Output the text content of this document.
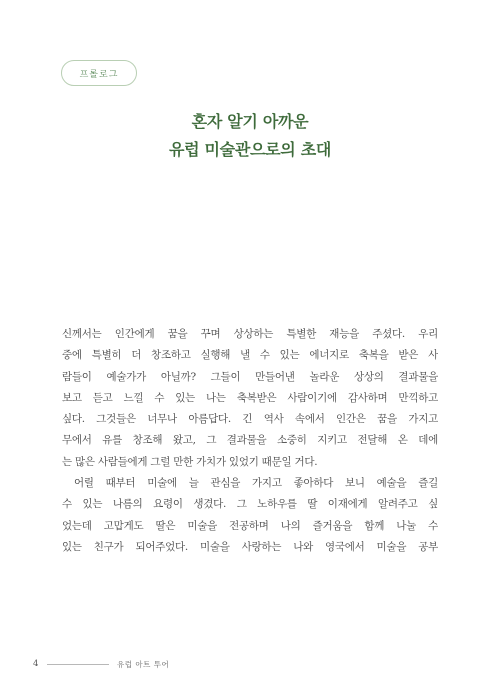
프롤로그
혼자 알기 아까운
유럽 미술관으로의 초대
신께서는 인간에게 꿈을 꾸며 상상하는 특별한 재능을 주셨다. 우리
중에 특별히 더 창조하고 실행해 낼 수 있는 에너지로 축복을 받은 사
람들이 예술가가 아닐까? 그들이 만들어낸 놀라운 상상의 결과물을
보고 듣고 느낄 수 있는 나는 축복받은 사람이기에 감사하며 만끽하고
싶다. 그것들은 너무나 아름답다. 긴 역사 속에서 인간은 꿈을 가지고
무에서 유를 창조해 왔고, 그 결과물을 소중히 지키고 전달해 온 데에
는 많은 사람들에게 그럴 만한 가치가 있었기 때문일 거다.
어릴 때부터 미술에 늘 관심을 가지고 좋아하다 보니 예술을 즐길
수 있는 나름의 요령이 생겼다. 그 노하우를 딸 이재에게 알려주고 싶
었는데 고맙게도 딸은 미술을 전공하며 나의 즐거움을 함께 나눌 수
있는 친구가 되어주었다. 미술을 사랑하는 나와 영국에서 미술을 공부
4	유럽 아트 투어
